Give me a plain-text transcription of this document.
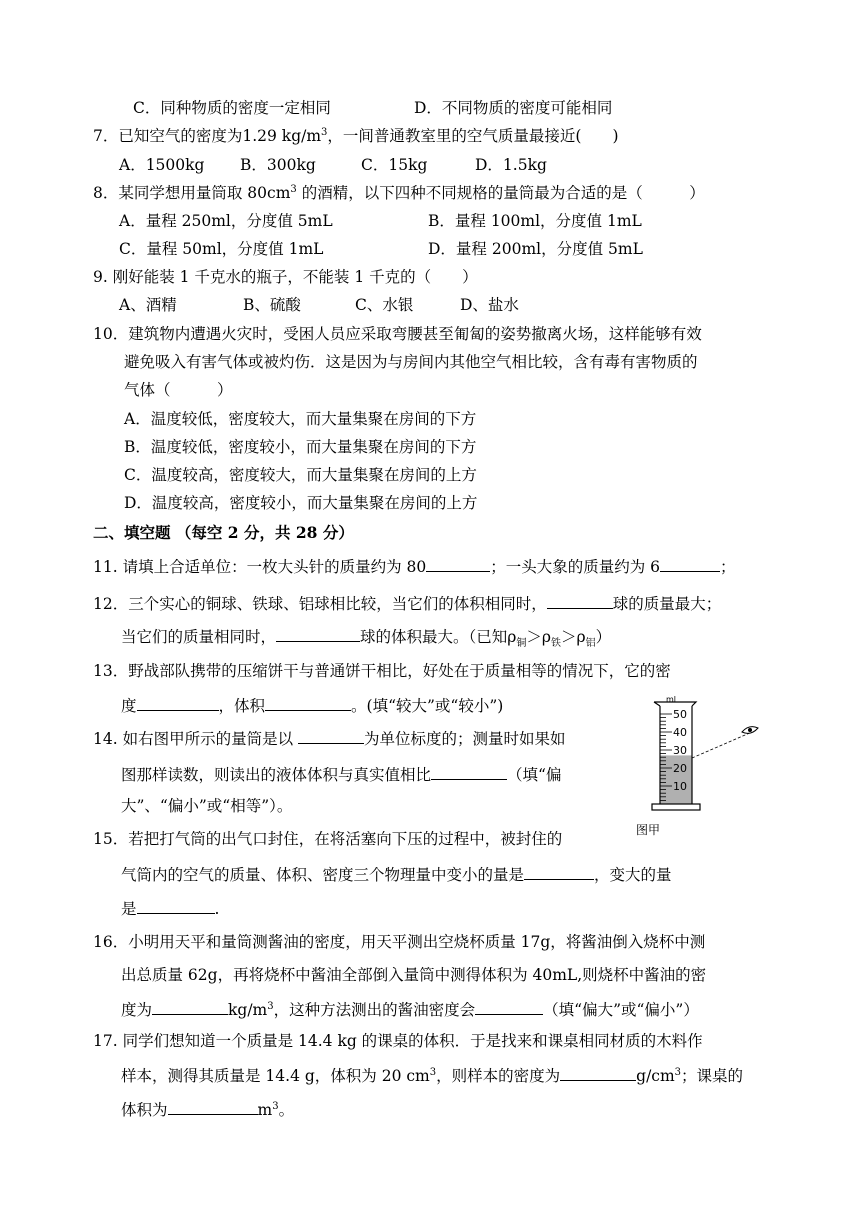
C．同种物质的密度一定相同	D．不同物质的密度可能相同
7．已知空气的密度为1.29 $kg/m^3$，一间普通教室里的空气质量最接近(　　)
A．1500kg B．300kg	C．15kg	D．1.5kg
8．某同学想用量筒取 $80cm^3$ 的酒精，以下四种不同规格的量筒最为合适的是（　　　）
A．量程 250ml，分度值 5mL	B．量程 100ml，分度值 1mL
C．量程 50ml，分度值 1mL	D．量程 200ml，分度值 5mL
9. 刚好能装 1 千克水的瓶子，不能装 1 千克的（　　）
A、酒精	B、硫酸	C、水银	D、盐水
10．建筑物内遭遇火灾时，受困人员应采取弯腰甚至匍匐的姿势撤离火场，这样能够有效
避免吸入有害气体或被灼伤．这是因为与房间内其他空气相比较，含有毒有害物质的
气体（　　　）
A．温度较低，密度较大，而大量集聚在房间的下方
B．温度较低，密度较小，而大量集聚在房间的下方
C．温度较高，密度较大，而大量集聚在房间的上方
D．温度较高，密度较小，而大量集聚在房间的上方
二、填空题 （每空 2 分，共 28 分）
11. 请填上合适单位：一枚大头针的质量约为 80	；一头大象的质量约为 6	；
12．三个实心的铜球、铁球、铝球相比较，当它们的体积相同时，	球的质量最大；
当它们的质量相同时，	球的体积最大。（已知$\rho_铜>\rho_铁>\rho_铝$）
13．野战部队携带的压缩饼干与普通饼干相比，好处在于质量相等的情况下，它的密
度	，体积	。(填“较大”或“较小”)
14. 如右图甲所示的量筒是以	为单位标度的；测量时如果如
图那样读数，则读出的液体体积与真实值相比	（填“偏
大”、“偏小”或“相等”）。
15．若把打气筒的出气口封住，在将活塞向下压的过程中，被封住的
气筒内的空气的质量、体积、密度三个物理量中变小的量是	，变大的量
是	.
16．小明用天平和量筒测酱油的密度，用天平测出空烧杯质量 17g，将酱油倒入烧杯中测
出总质量 62g，再将烧杯中酱油全部倒入量筒中测得体积为 40mL,则烧杯中酱油的密
度为	$kg/m^3$，这种方法测出的酱油密度会	（填“偏大”或“偏小”）
17. 同学们想知道一个质量是 14.4 kg 的课桌的体积．于是找来和课桌相同材质的木料作
样本，测得其质量是 14.4 g，体积为 20 $cm^3$，则样本的密度为	$g/cm^3$；课桌的
体积为	$m^3$。
50
40
30
20
10
ml
图甲
